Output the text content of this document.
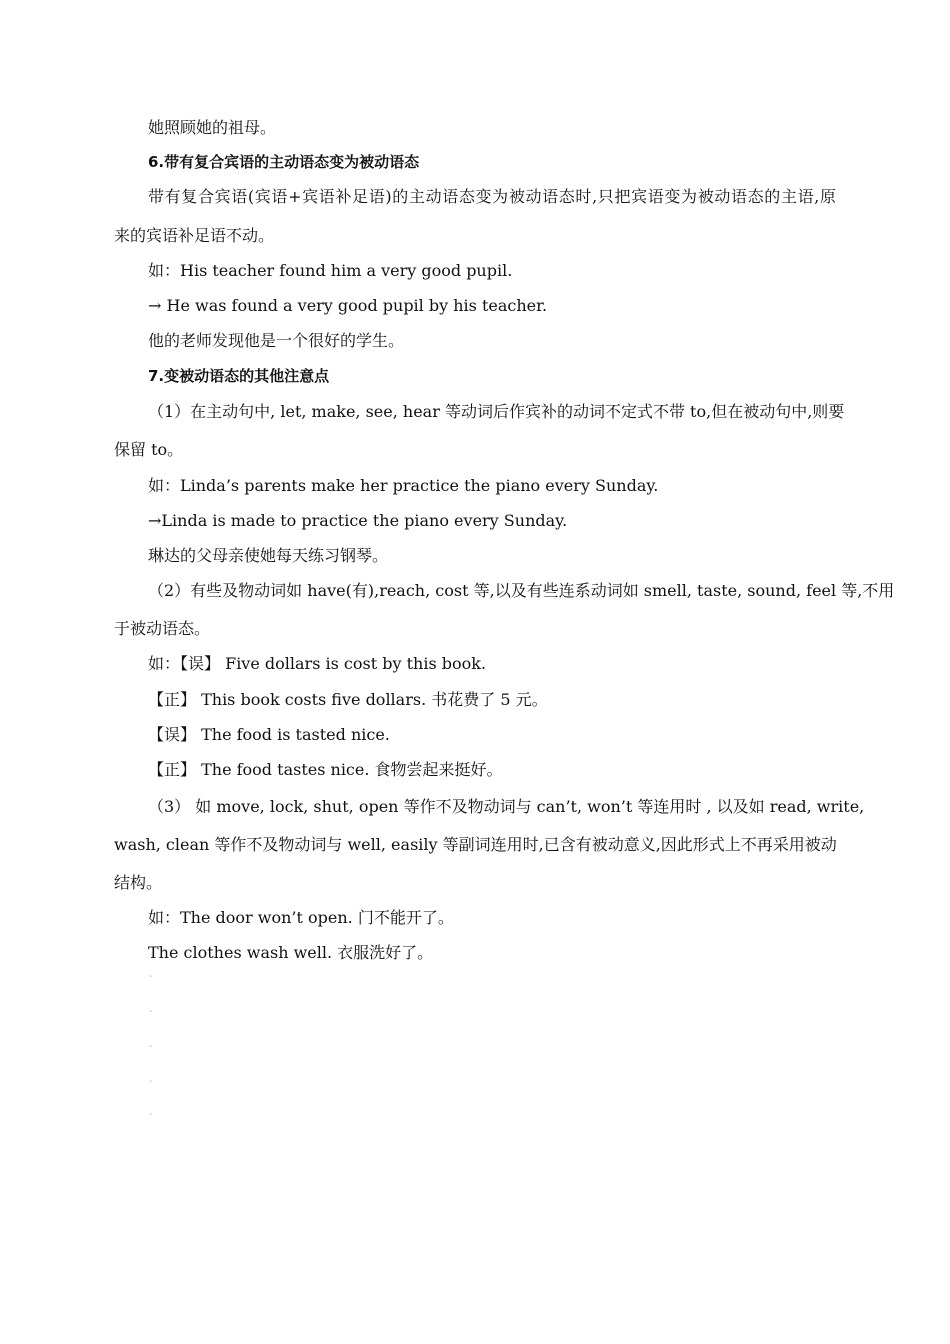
她照顾她的祖母。
6.带有复合宾语的主动语态变为被动语态
带有复合宾语(宾语+宾语补足语)的主动语态变为被动语态时,只把宾语变为被动语态的主语,原
来的宾语补足语不动。
如：His teacher found him a very good pupil.
→ He was found a very good pupil by his teacher.
他的老师发现他是一个很好的学生。
7.变被动语态的其他注意点
（1）在主动句中, let, make, see, hear 等动词后作宾补的动词不定式不带 to,但在被动句中,则要
保留 to。
如：Linda’s parents make her practice the piano every Sunday.
→Linda is made to practice the piano every Sunday.
琳达的父母亲使她每天练习钢琴。
（2）有些及物动词如 have(有),reach, cost 等,以及有些连系动词如 smell, taste, sound, feel 等,不用
于被动语态。
如：【误】 Five dollars is cost by this book.
【正】 This book costs five dollars. 书花费了 5 元。
【误】 The food is tasted nice.
【正】 The food tastes nice. 食物尝起来挺好。
（3） 如 move, lock, shut, open 等作不及物动词与 can’t, won’t 等连用时 , 以及如 read, write,
wash, clean 等作不及物动词与 well, easily 等副词连用时,已含有被动意义,因此形式上不再采用被动
结构。
如：The door won’t open. 门不能开了。
The clothes wash well. 衣服洗好了。
-
-
-
-
-
